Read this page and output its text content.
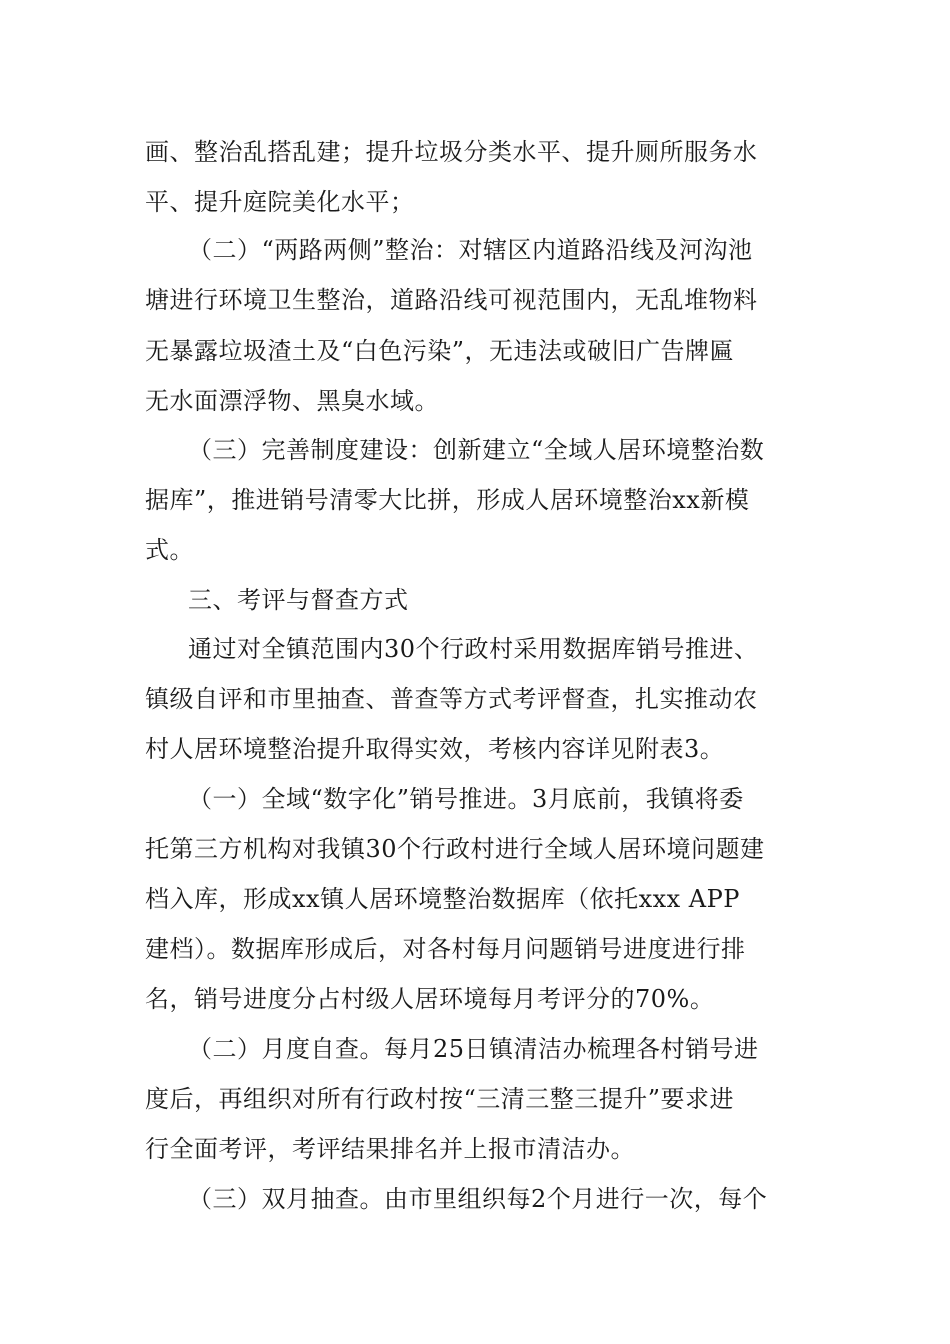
画、整治乱搭乱建；提升垃圾分类水平、提升厕所服务水
平、提升庭院美化水平；
（二）“两路两侧”整治：对辖区内道路沿线及河沟池
塘进行环境卫生整治，道路沿线可视范围内，无乱堆物料
无暴露垃圾渣土及“白色污染”，无违法或破旧广告牌匾
无水面漂浮物、黑臭水域。
（三）完善制度建设：创新建立“全域人居环境整治数
据库”，推进销号清零大比拼，形成人居环境整治xx新模
式。
三、考评与督查方式
通过对全镇范围内30个行政村采用数据库销号推进、
镇级自评和市里抽查、普查等方式考评督查，扎实推动农
村人居环境整治提升取得实效，考核内容详见附表3。
（一）全域“数字化”销号推进。3月底前，我镇将委
托第三方机构对我镇30个行政村进行全域人居环境问题建
档入库，形成xx镇人居环境整治数据库（依托xxx APP
建档）。数据库形成后，对各村每月问题销号进度进行排
名，销号进度分占村级人居环境每月考评分的70%。
（二）月度自查。每月25日镇清洁办梳理各村销号进
度后，再组织对所有行政村按“三清三整三提升”要求进
行全面考评，考评结果排名并上报市清洁办。
（三）双月抽查。由市里组织每2个月进行一次，每个
